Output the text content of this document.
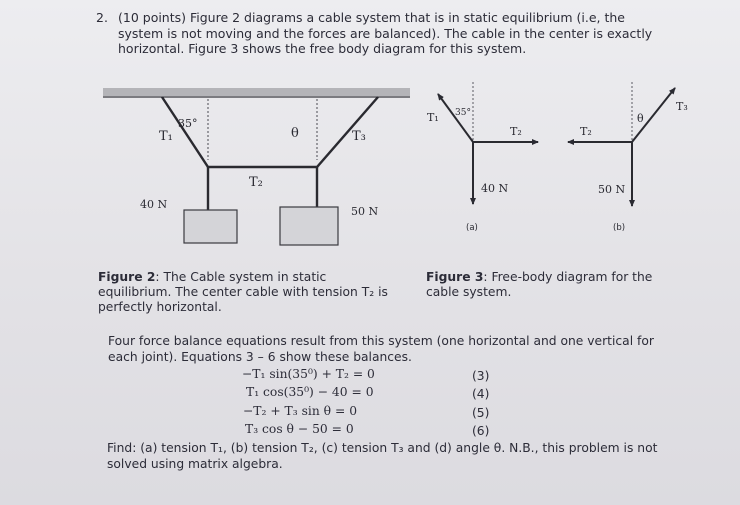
2. (10 points) Figure 2 diagrams a cable system that is in static equilibrium (i.e, the system is not moving and the forces are balanced). The cable in the center is exactly horizontal. Figure 3 shows the free body diagram for this system.
35°
T₁	θ	T₃
T₂
40 N
50 N
T₁ 35°
T₂
40 N
(a)
T₂
θ
T₃
50 N
(b)
Figure 2: The Cable system in static equilibrium. The center cable with tension T₂ is perfectly horizontal.
Figure 3: Free-body diagram for the cable system.
Four force balance equations result from this system (one horizontal and one vertical for each joint). Equations 3 – 6 show these balances.
−T₁ sin(35⁰) + T₂ = 0	(3)
T₁ cos(35⁰) − 40 = 0	(4)
−T₂ + T₃ sin θ = 0	(5)
T₃ cos θ − 50 = 0	(6)
Find: (a) tension T₁, (b) tension T₂, (c) tension T₃ and (d) angle θ. N.B., this problem is not solved using matrix algebra.
